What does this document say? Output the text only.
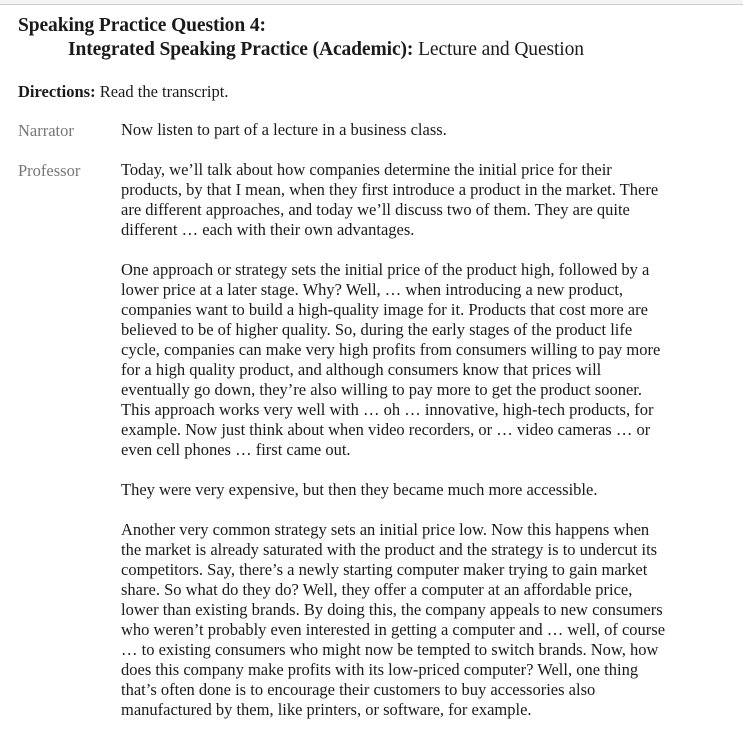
Speaking Practice Question 4:
Integrated Speaking Practice (Academic): Lecture and Question
Directions: Read the transcript.
Narrator	Now listen to part of a lecture in a business class.
Professor Today, we’ll talk about how companies determine the initial price for their
products, by that I mean, when they first introduce a product in the market. There
are different approaches, and today we’ll discuss two of them. They are quite
different … each with their own advantages.
One approach or strategy sets the initial price of the product high, followed by a
lower price at a later stage. Why? Well, … when introducing a new product,
companies want to build a high-quality image for it. Products that cost more are
believed to be of higher quality. So, during the early stages of the product life
cycle, companies can make very high profits from consumers willing to pay more
for a high quality product, and although consumers know that prices will
eventually go down, they’re also willing to pay more to get the product sooner.
This approach works very well with … oh … innovative, high-tech products, for
example. Now just think about when video recorders, or … video cameras … or
even cell phones … first came out.
They were very expensive, but then they became much more accessible.
Another very common strategy sets an initial price low. Now this happens when
the market is already saturated with the product and the strategy is to undercut its
competitors. Say, there’s a newly starting computer maker trying to gain market
share. So what do they do? Well, they offer a computer at an affordable price,
lower than existing brands. By doing this, the company appeals to new consumers
who weren’t probably even interested in getting a computer and … well, of course
… to existing consumers who might now be tempted to switch brands. Now, how
does this company make profits with its low-priced computer? Well, one thing
that’s often done is to encourage their customers to buy accessories also
manufactured by them, like printers, or software, for example.
